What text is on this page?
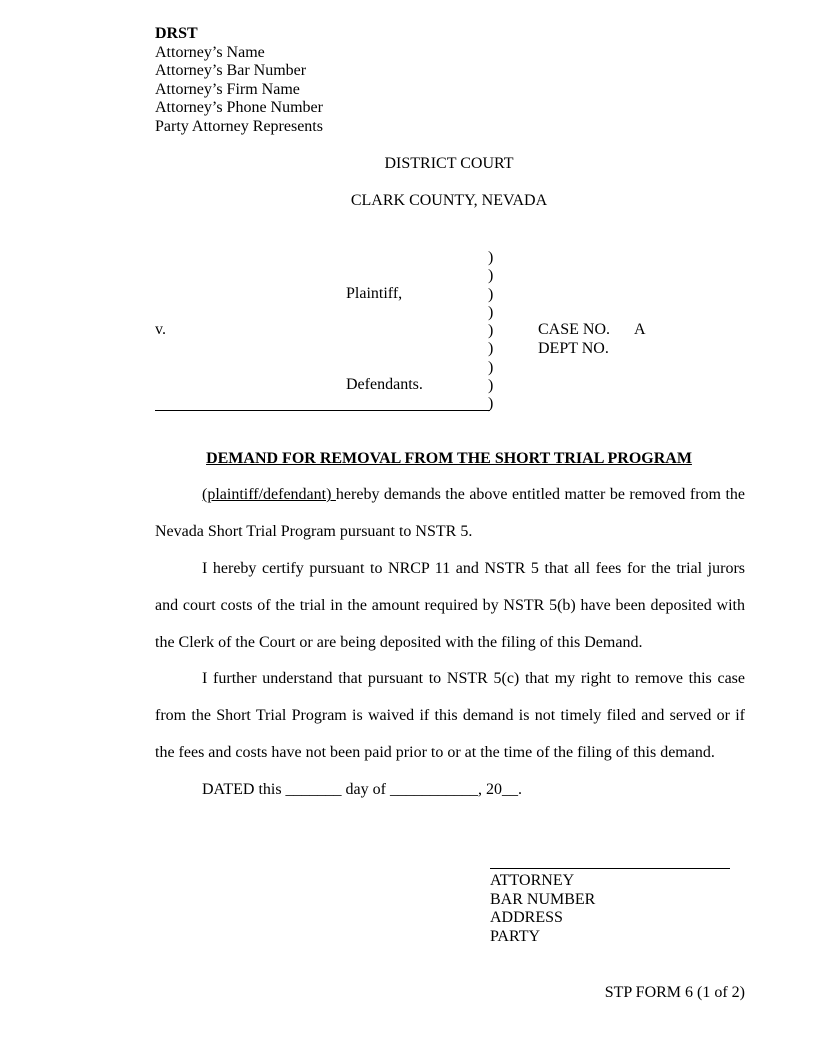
DRST
Attorney’s Name
Attorney’s Bar Number
Attorney’s Firm Name
Attorney’s Phone Number
Party Attorney Represents
DISTRICT COURT
CLARK COUNTY, NEVADA
Plaintiff,
v.
Defendants.
)
)
)
)
)
)
)
)
)
CASE NO. A
DEPT NO.
DEMAND FOR REMOVAL FROM THE SHORT TRIAL PROGRAM

(plaintiff/defendant) hereby demands the above entitled matter be removed from the Nevada Short Trial Program pursuant to NSTR 5.

I hereby certify pursuant to NRCP 11 and NSTR 5 that all fees for the trial jurors and court costs of the trial in the amount required by NSTR 5(b) have been deposited with the Clerk of the Court or are being deposited with the filing of this Demand.

I further understand that pursuant to NSTR 5(c) that my right to remove this case from the Short Trial Program is waived if this demand is not timely filed and served or if the fees and costs have not been paid prior to or at the time of the filing of this demand.

DATED this _______ day of ___________, 20__.
ATTORNEY
BAR NUMBER
ADDRESS
PARTY
STP FORM 6 (1 of 2)
